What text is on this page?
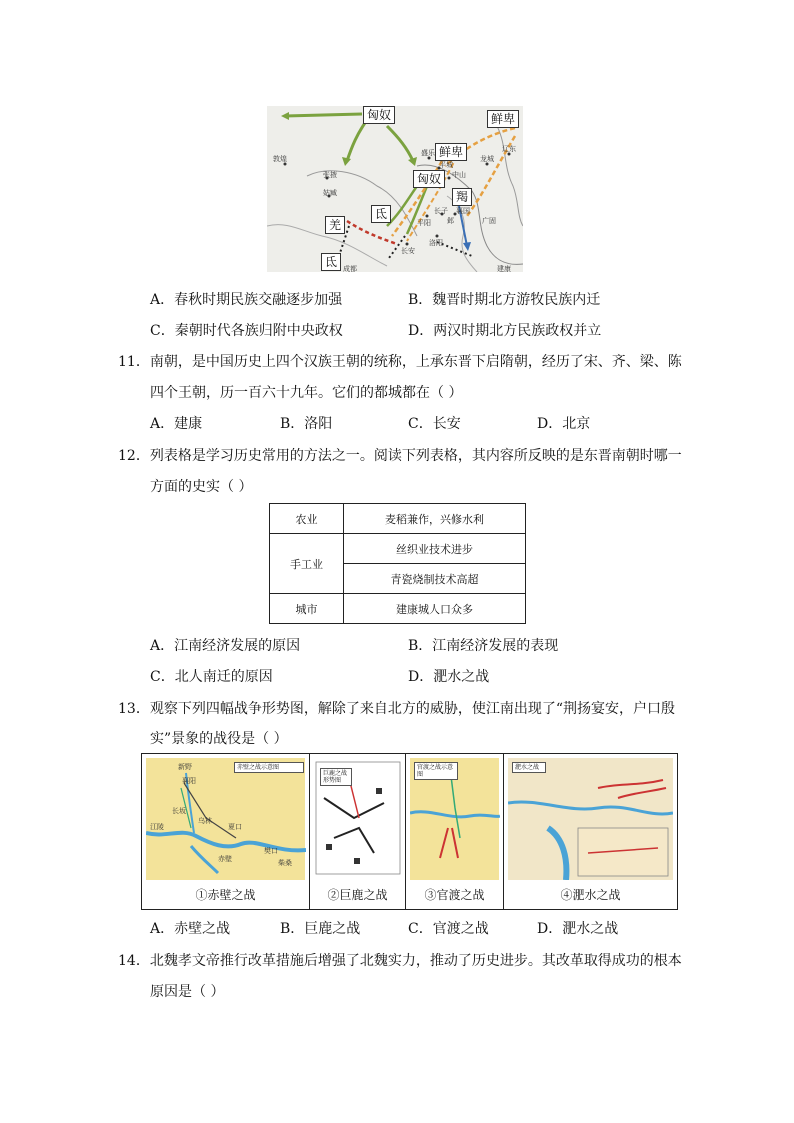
匈奴	鲜卑
鲜卑
匈奴
羯
氐
羌
氐
敦煌
张掖
姑臧
辽东
龙城
盛乐
平城
中山
长子
邺
襄国
广固
平阳
洛阳
长安
成都	建康
A．春秋时期民族交融逐步加强	B．魏晋时期北方游牧民族内迁
C．秦朝时代各族归附中央政权	D．两汉时期北方民族政权并立
11．南朝，是中国历史上四个汉族王朝的统称，上承东晋下启隋朝，经历了宋、齐、梁、陈
四个王朝，历一百六十九年。它们的都城都在（ ）
A．建康	B．洛阳	C．长安	D．北京
12．列表格是学习历史常用的方法之一。阅读下列表格，其内容所反映的是东晋南朝时哪一
方面的史实（ ）
农业	麦稻兼作，兴修水利
手工业	丝织业技术进步
	青瓷烧制技术高超
城市	建康城人口众多
A．江南经济发展的原因	B．江南经济发展的表现
C．北人南迁的原因	D．淝水之战
13．观察下列四幅战争形势图，解除了来自北方的威胁，使江南出现了“荆扬宴安，户口殷
实”景象的战役是（ ）
赤壁之战示意图
新野
襄阳
江陵
乌林
长坂
夏口
赤壁
樊口
柴桑
①赤壁之战
巨鹿之战形势图
②巨鹿之战
官渡之战示意图
③官渡之战
淝水之战
④淝水之战
A．赤壁之战	B．巨鹿之战	C．官渡之战	D．淝水之战
14．北魏孝文帝推行改革措施后增强了北魏实力，推动了历史进步。其改革取得成功的根本
原因是（ ）
